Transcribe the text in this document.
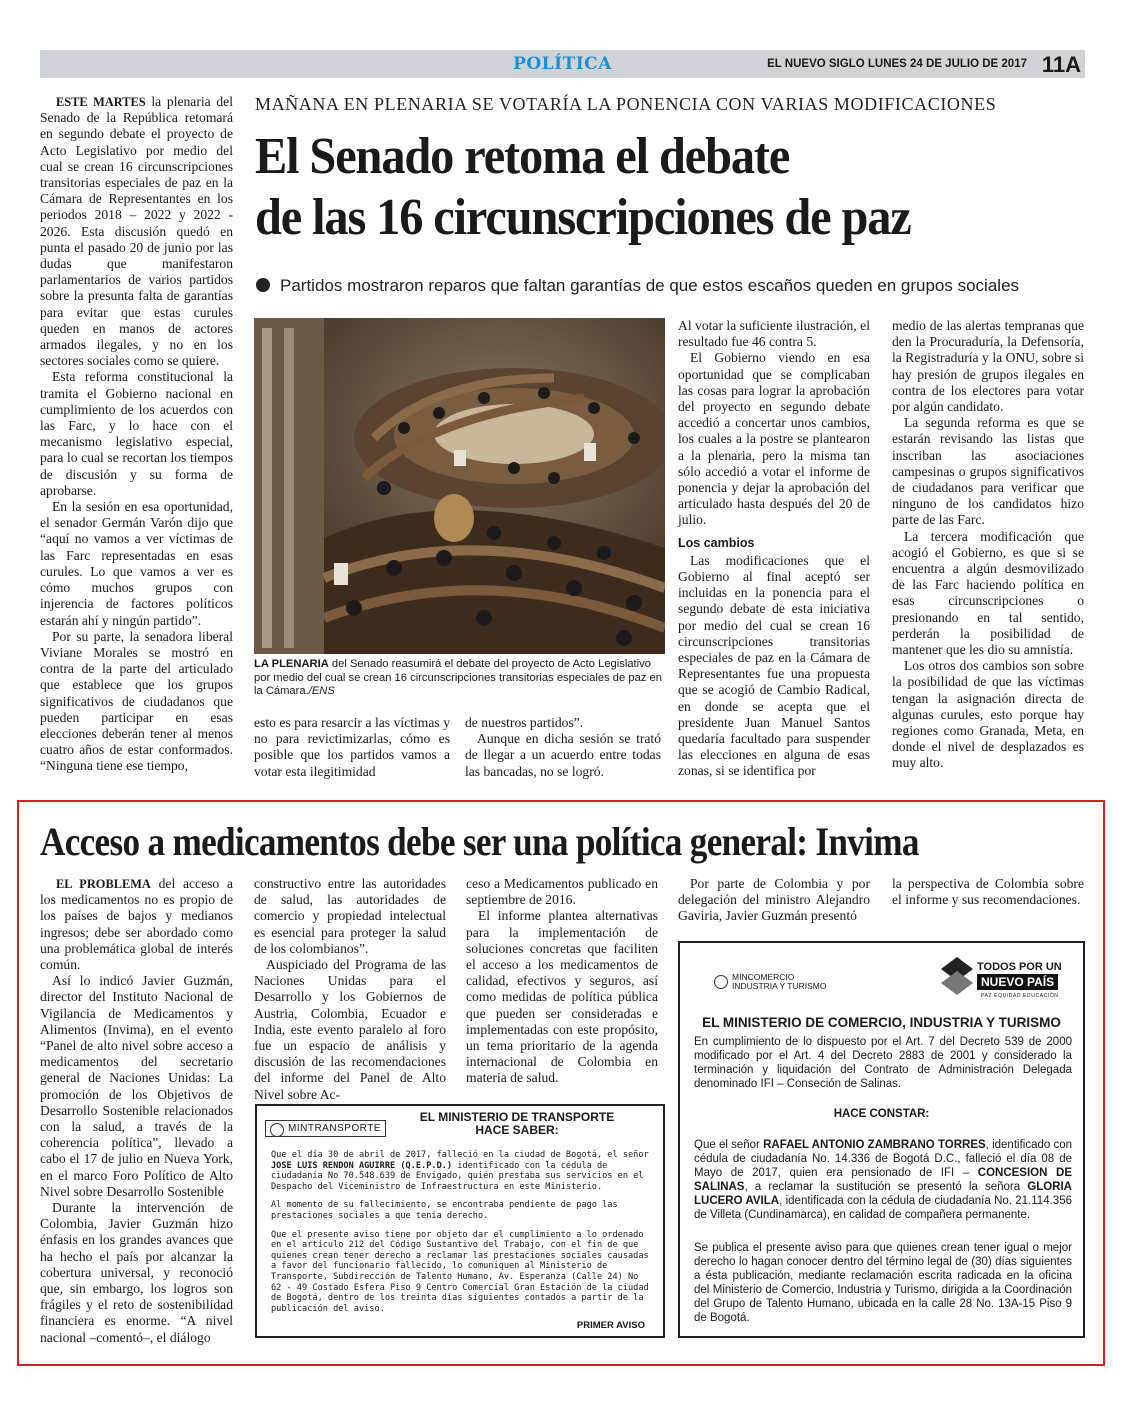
POLÍTICA	EL NUEVO SIGLO LUNES 24 DE JULIO DE 2017 11A

ESTE MARTES la plenaria del Senado de la República retomará en segundo debate el proyecto de Acto Legislativo por medio del cual se crean 16 circunscripciones transitorias especiales de paz en la Cámara de Representantes en los periodos 2018 – 2022 y 2022 - 2026. Esta discusión quedó en punta el pasado 20 de junio por las dudas que manifestaron parlamentarios de varios partidos sobre la presunta falta de garantías para evitar que estas curules queden en manos de actores armados ilegales, y no en los sectores sociales como se quiere.

Esta reforma constitucional la tramita el Gobierno nacional en cumplimiento de los acuerdos con las Farc, y lo hace con el mecanismo legislativo especial, para lo cual se recortan los tiempos de discusión y su forma de aprobarse.

En la sesión en esa oportunidad, el senador Germán Varón dijo que “aquí no vamos a ver víctimas de las Farc representadas en esas curules. Lo que vamos a ver es cómo muchos grupos con injerencia de factores políticos estarán ahí y ningún partido”.

Por su parte, la senadora liberal Viviane Morales se mostró en contra de la parte del articulado que establece que los grupos significativos de ciudadanos que pueden participar en esas elecciones deberán tener al menos cuatro años de estar conformados. “Ninguna tiene ese tiempo,

MAÑANA EN PLENARIA SE VOTARÍA LA PONENCIA CON VARIAS MODIFICACIONES
El Senado retoma el debate
de las 16 circunscripciones de paz
Partidos mostraron reparos que faltan garantías de que estos escaños queden en grupos sociales
LA PLENARIA del Senado reasumirá el debate del proyecto de Acto Legislativo por medio del cual se crean 16 circunscripciones transitorias especiales de paz en la Cámara./ENS

esto es para resarcir a las víctimas y no para revictimizarlas, cómo es posible que los partidos vamos a votar esta ilegitimidad

de nuestros partidos”.

Aunque en dicha sesión se trató de llegar a un acuerdo entre todas las bancadas, no se logró.

Al votar la suficiente ilustración, el resultado fue 46 contra 5.

El Gobierno viendo en esa oportunidad que se complicaban las cosas para lograr la aprobación del proyecto en segundo debate accedió a concertar unos cambios, los cuales a la postre se plantearon a la plenaria, pero la misma tan sólo accedió a votar el informe de ponencia y dejar la aprobación del articulado hasta después del 20 de julio.

Los cambios

Las modificaciones que el Gobierno al final aceptó ser incluidas en la ponencia para el segundo debate de esta iniciativa por medio del cual se crean 16 circunscripciones transitorias especiales de paz en la Cámara de Representantes fue una propuesta que se acogió de Cambio Radical, en donde se acepta que el presidente Juan Manuel Santos quedaría facultado para suspender las elecciones en alguna de esas zonas, si se identifica por

medio de las alertas tempranas que den la Procuraduría, la Defensoría, la Registraduría y la ONU, sobre si hay presión de grupos ilegales en contra de los electores para votar por algún candidato.

La segunda reforma es que se estarán revisando las listas que inscriban las asociaciones campesinas o grupos significativos de ciudadanos para verificar que ninguno de los candidatos hizo parte de las Farc.

La tercera modificación que acogió el Gobierno, es que si se encuentra a algún desmovilizado de las Farc haciendo política en esas circunscripciones o presionando en tal sentido, perderán la posibilidad de mantener que les dio su amnistía.

Los otros dos cambios son sobre la posibilidad de que las víctimas tengan la asignación directa de algunas curules, esto porque hay regiones como Granada, Meta, en donde el nivel de desplazados es muy alto.

Acceso a medicamentos debe ser una política general: Invima

EL PROBLEMA del acceso a los medicamentos no es propio de los países de bajos y medianos ingresos; debe ser abordado como una problemática global de interés común.

Así lo indicó Javier Guzmán, director del Instituto Nacional de Vigilancia de Medicamentos y Alimentos (Invima), en el evento “Panel de alto nivel sobre acceso a medicamentos del secretario general de Naciones Unidas: La promoción de los Objetivos de Desarrollo Sostenible relacionados con la salud, a través de la coherencia política”, llevado a cabo el 17 de julio en Nueva York, en el marco Foro Político de Alto Nivel sobre Desarrollo Sostenible

Durante la intervención de Colombia, Javier Guzmán hizo énfasis en los grandes avances que ha hecho el país por alcanzar la cobertura universal, y reconoció que, sin embargo, los logros son frágiles y el reto de sostenibilidad financiera es enorme. “A nivel nacional –comentó–, el diálogo

constructivo entre las autoridades de salud, las autoridades de comercio y propiedad intelectual es esencial para proteger la salud de los colombianos”.

Auspiciado del Programa de las Naciones Unidas para el Desarrollo y los Gobiernos de Austria, Colombia, Ecuador e India, este evento paralelo al foro fue un espacio de análisis y discusión de las recomendaciones del informe del Panel de Alto Nivel sobre Ac-

ceso a Medicamentos publicado en septiembre de 2016.

El informe plantea alternativas para la implementación de soluciones concretas que faciliten el acceso a los medicamentos de calidad, efectivos y seguros, así como medidas de política pública que pueden ser consideradas e implementadas con este propósito, un tema prioritario de la agenda internacional de Colombia en materia de salud.

Por parte de Colombia y por delegación del ministro Alejandro Gaviria, Javier Guzmán presentó

la perspectiva de Colombia sobre el informe y sus recomendaciones.

MINTRANSPORTE
EL MINISTERIO DE TRANSPORTE
HACE SABER:

Que el día 30 de abril de 2017, falleció en la ciudad de Bogotá, el señor JOSE LUIS RENDON AGUIRRE (Q.E.P.D.) identificado con la cédula de ciudadanía No 70.548.639 de Envigado, quién prestaba sus servicios en el Despacho del Viceministro de Infraestructura en este Ministerio.

Al momento de su fallecimiento, se encontraba pendiente de pago las prestaciones sociales a que tenía derecho.

Que el presente aviso tiene por objeto dar el cumplimiento a lo ordenado en el artículo 212 del Código Sustantivo del Trabajo, con el fin de que quienes crean tener derecho a reclamar las prestaciones sociales causadas a favor del funcionario fallecido, lo comuniquen al Ministerio de Transporte, Subdirección de Talento Humano, Av. Esperanza (Calle 24) No 62 - 49 Costado Esfera Piso 9 Centro Comercial Gran Estación de la ciudad de Bogotá, dentro de los treinta días siguientes contados a partir de la publicación del aviso.

PRIMER AVISO
MINCOMERCIO
INDUSTRIA Y TURISMO
TODOS POR UN
NUEVO PAÍS
PAZ EQUIDAD EDUCACIÓN
EL MINISTERIO DE COMERCIO, INDUSTRIA Y TURISMO
En cumplimiento de lo dispuesto por el Art. 7 del Decreto 539 de 2000 modificado por el Art. 4 del Decreto 2883 de 2001 y considerado la terminación y liquidación del Contrato de Administración Delegada denominado IFI – Conseción de Salinas.
HACE CONSTAR:
Que el señor RAFAEL ANTONIO ZAMBRANO TORRES, identificado con cédula de ciudadanía No. 14.336 de Bogotá D.C., falleció el día 08 de Mayo de 2017, quien era pensionado de IFI – CONCESION DE SALINAS, a reclamar la sustitución se presentó la señora GLORIA LUCERO AVILA, identificada con la cédula de ciudadanía No. 21.114.356 de Villeta (Cundinamarca), en calidad de compañera permanente.
Se publica el presente aviso para que quienes crean tener igual o mejor derecho lo hagan conocer dentro del término legal de (30) días siguientes a ésta publicación, mediante reclamación escrita radicada en la oficina del Ministerio de Comercio, Industria y Turismo, dirigida a la Coordinación del Grupo de Talento Humano, ubicada en la calle 28 No. 13A-15 Piso 9 de Bogotá.
